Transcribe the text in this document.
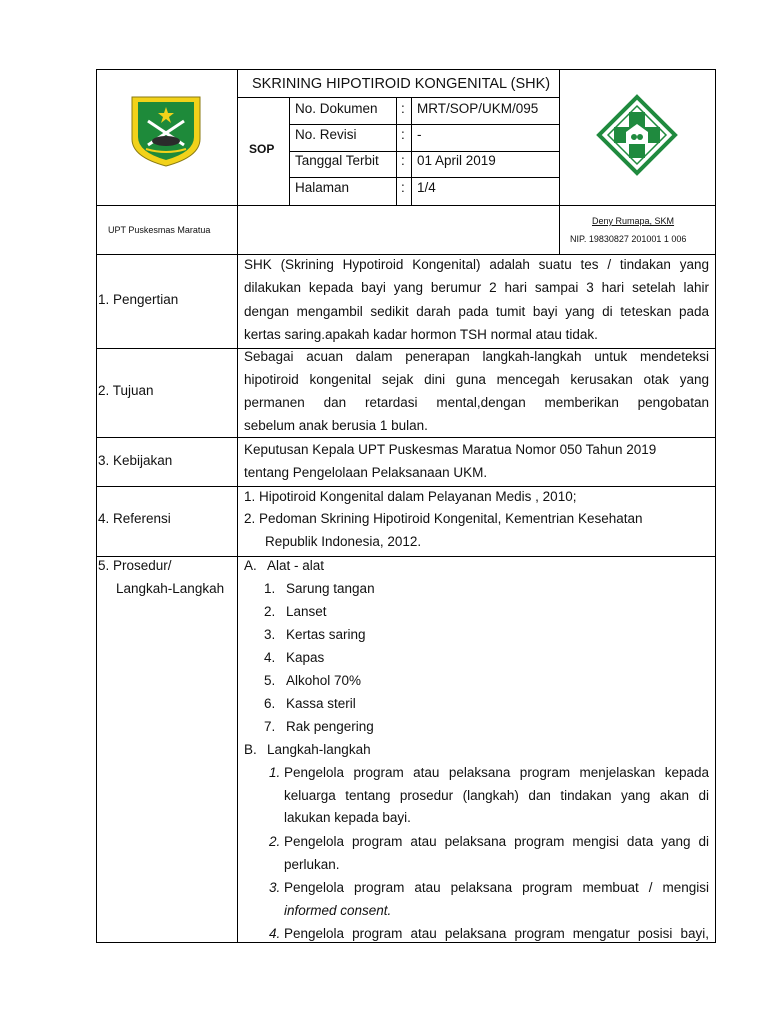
SKRINING HIPOTIROID KONGENITAL (SHK)
SOP
No. Dokumen : MRT/SOP/UKM/095
No. Revisi	: -
Tanggal Terbit : 01 April 2019
Halaman	: 1/4
UPT Puskesmas Maratua
Deny Rumapa, SKM
NIP. 19830827 201001 1 006
1. Pengertian
SHK (Skrining Hypotiroid Kongenital) adalah suatu tes / tindakan yang
dilakukan kepada bayi yang berumur 2 hari sampai 3 hari setelah lahir
dengan mengambil sedikit darah pada tumit bayi yang di teteskan pada
kertas saring.apakah kadar hormon TSH normal atau tidak.
2. Tujuan
Sebagai acuan dalam penerapan langkah-langkah untuk mendeteksi
hipotiroid kongenital sejak dini guna mencegah kerusakan otak yang
permanen dan retardasi mental,dengan memberikan pengobatan
sebelum anak berusia 1 bulan.
3. Kebijakan
Keputusan Kepala UPT Puskesmas Maratua Nomor 050 Tahun 2019
tentang Pengelolaan Pelaksanaan UKM.
4. Referensi
1. Hipotiroid Kongenital dalam Pelayanan Medis , 2010;
2. Pedoman Skrining Hipotiroid Kongenital, Kementrian Kesehatan
Republik Indonesia, 2012.
5. Prosedur/
Langkah-Langkah
A. Alat - alat
1. Sarung tangan
2. Lanset
3. Kertas saring
4. Kapas
5. Alkohol 70%
6. Kassa steril
7. Rak pengering
B. Langkah-langkah
1. Pengelola program atau pelaksana program menjelaskan kepada
keluarga tentang prosedur (langkah) dan tindakan yang akan di
lakukan kepada bayi.
2. Pengelola program atau pelaksana program mengisi data yang di
perlukan.
3. Pengelola program atau pelaksana program membuat / mengisi
informed consent.
4. Pengelola program atau pelaksana program mengatur posisi bayi,
